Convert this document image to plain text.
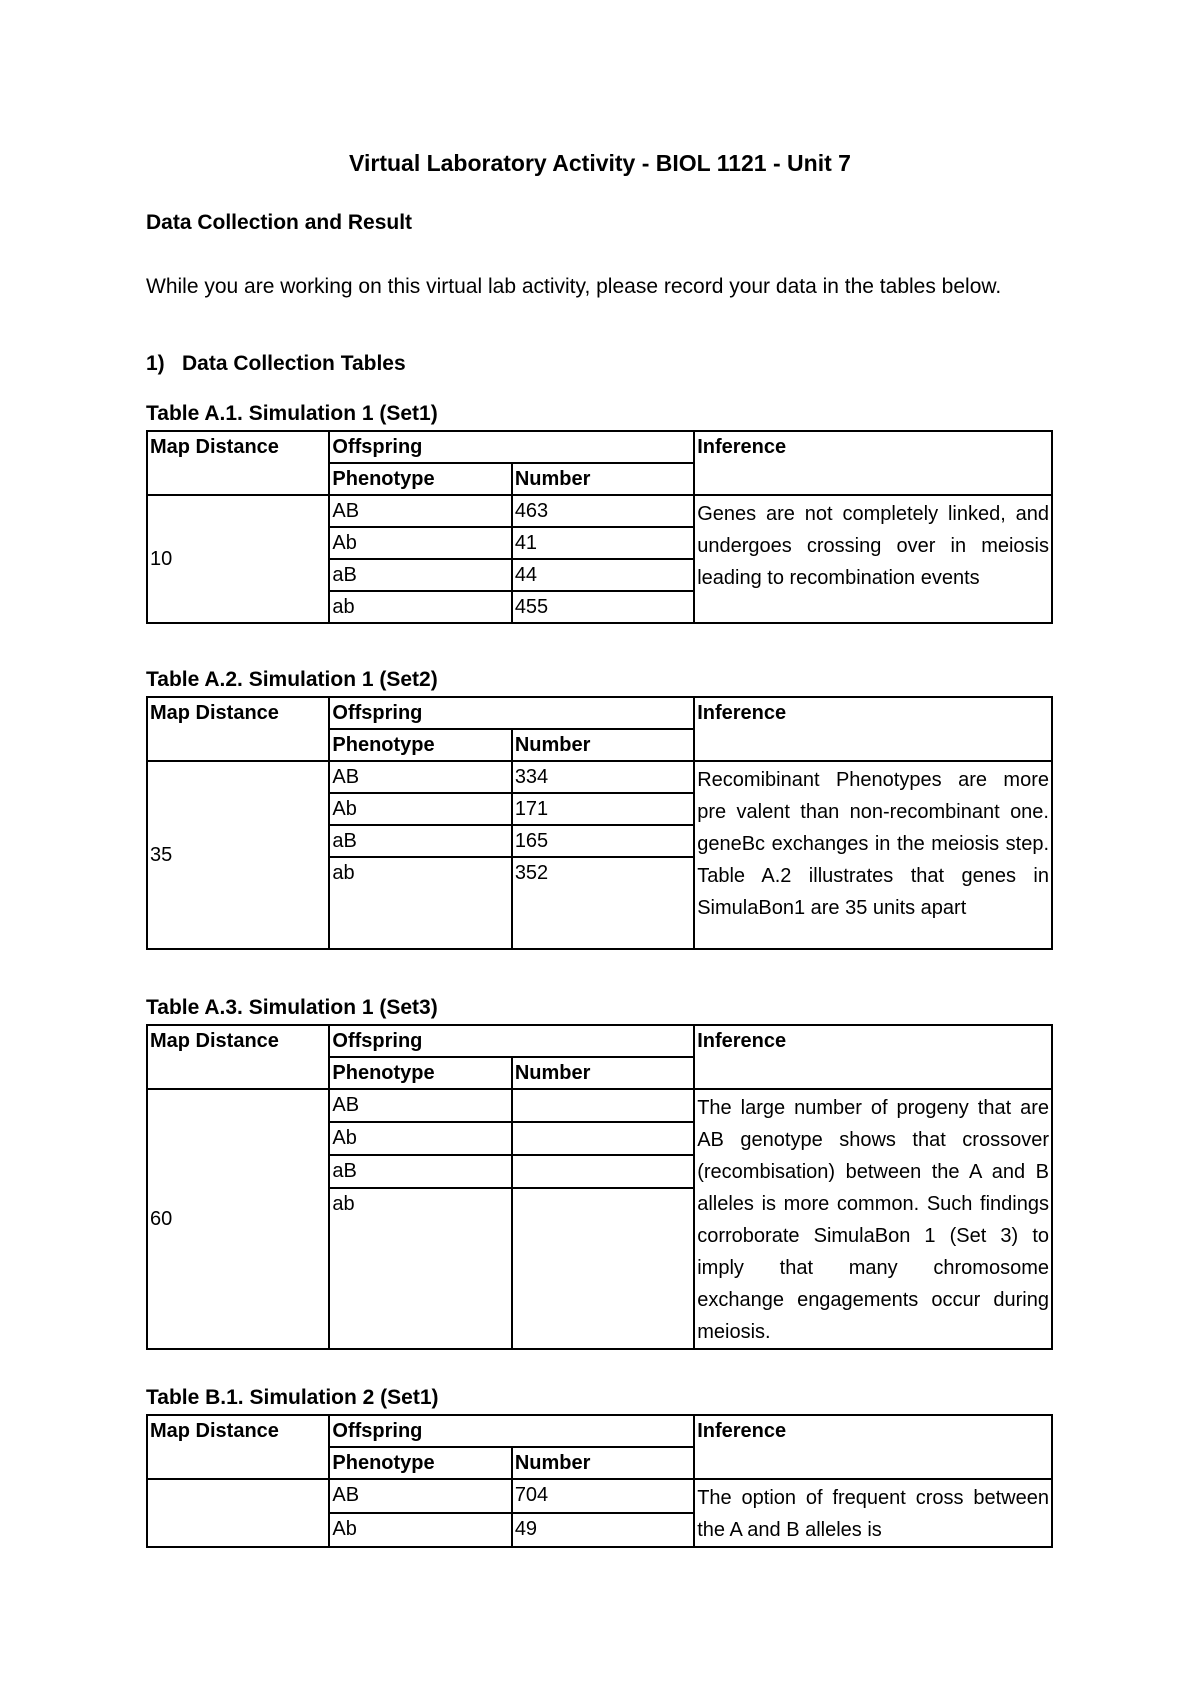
Virtual Laboratory Activity - BIOL 1121 - Unit 7
Data Collection and Result

While you are working on this virtual lab activity, please record your data in the tables below.

1) Data Collection Tables
Table A.1. Simulation 1 (Set1)
Map Distance	Offspring		Inference
	Phenotype	Number	
10	AB	463	Genes are not completely linked, and undergoes crossing over in meiosis leading to recombination events
	Ab	41	
	aB	44	
	ab	455	
Table A.2. Simulation 1 (Set2)
Map Distance	Offspring		Inference
	Phenotype	Number	
35	AB	334	Recomibinant Phenotypes are more pre valent than non-recombinant one. geneBc exchanges in the meiosis step. Table A.2 illustrates that genes in SimulaBon1 are 35 units apart
	Ab	171	
	aB	165	
	ab	352	
Table A.3. Simulation 1 (Set3)
Map Distance	Offspring		Inference
	Phenotype	Number	
60	AB		The large number of progeny that are AB genotype shows that crossover (recombisation) between the A and B alleles is more common. Such findings corroborate SimulaBon 1 (Set 3) to imply that many chromosome exchange engagements occur during meiosis.
	Ab		
	aB		
	ab		
Table B.1. Simulation 2 (Set1)
Map Distance	Offspring		Inference
	Phenotype	Number	
	AB	704	The option of frequent cross between the A and B alleles is
	Ab	49	
